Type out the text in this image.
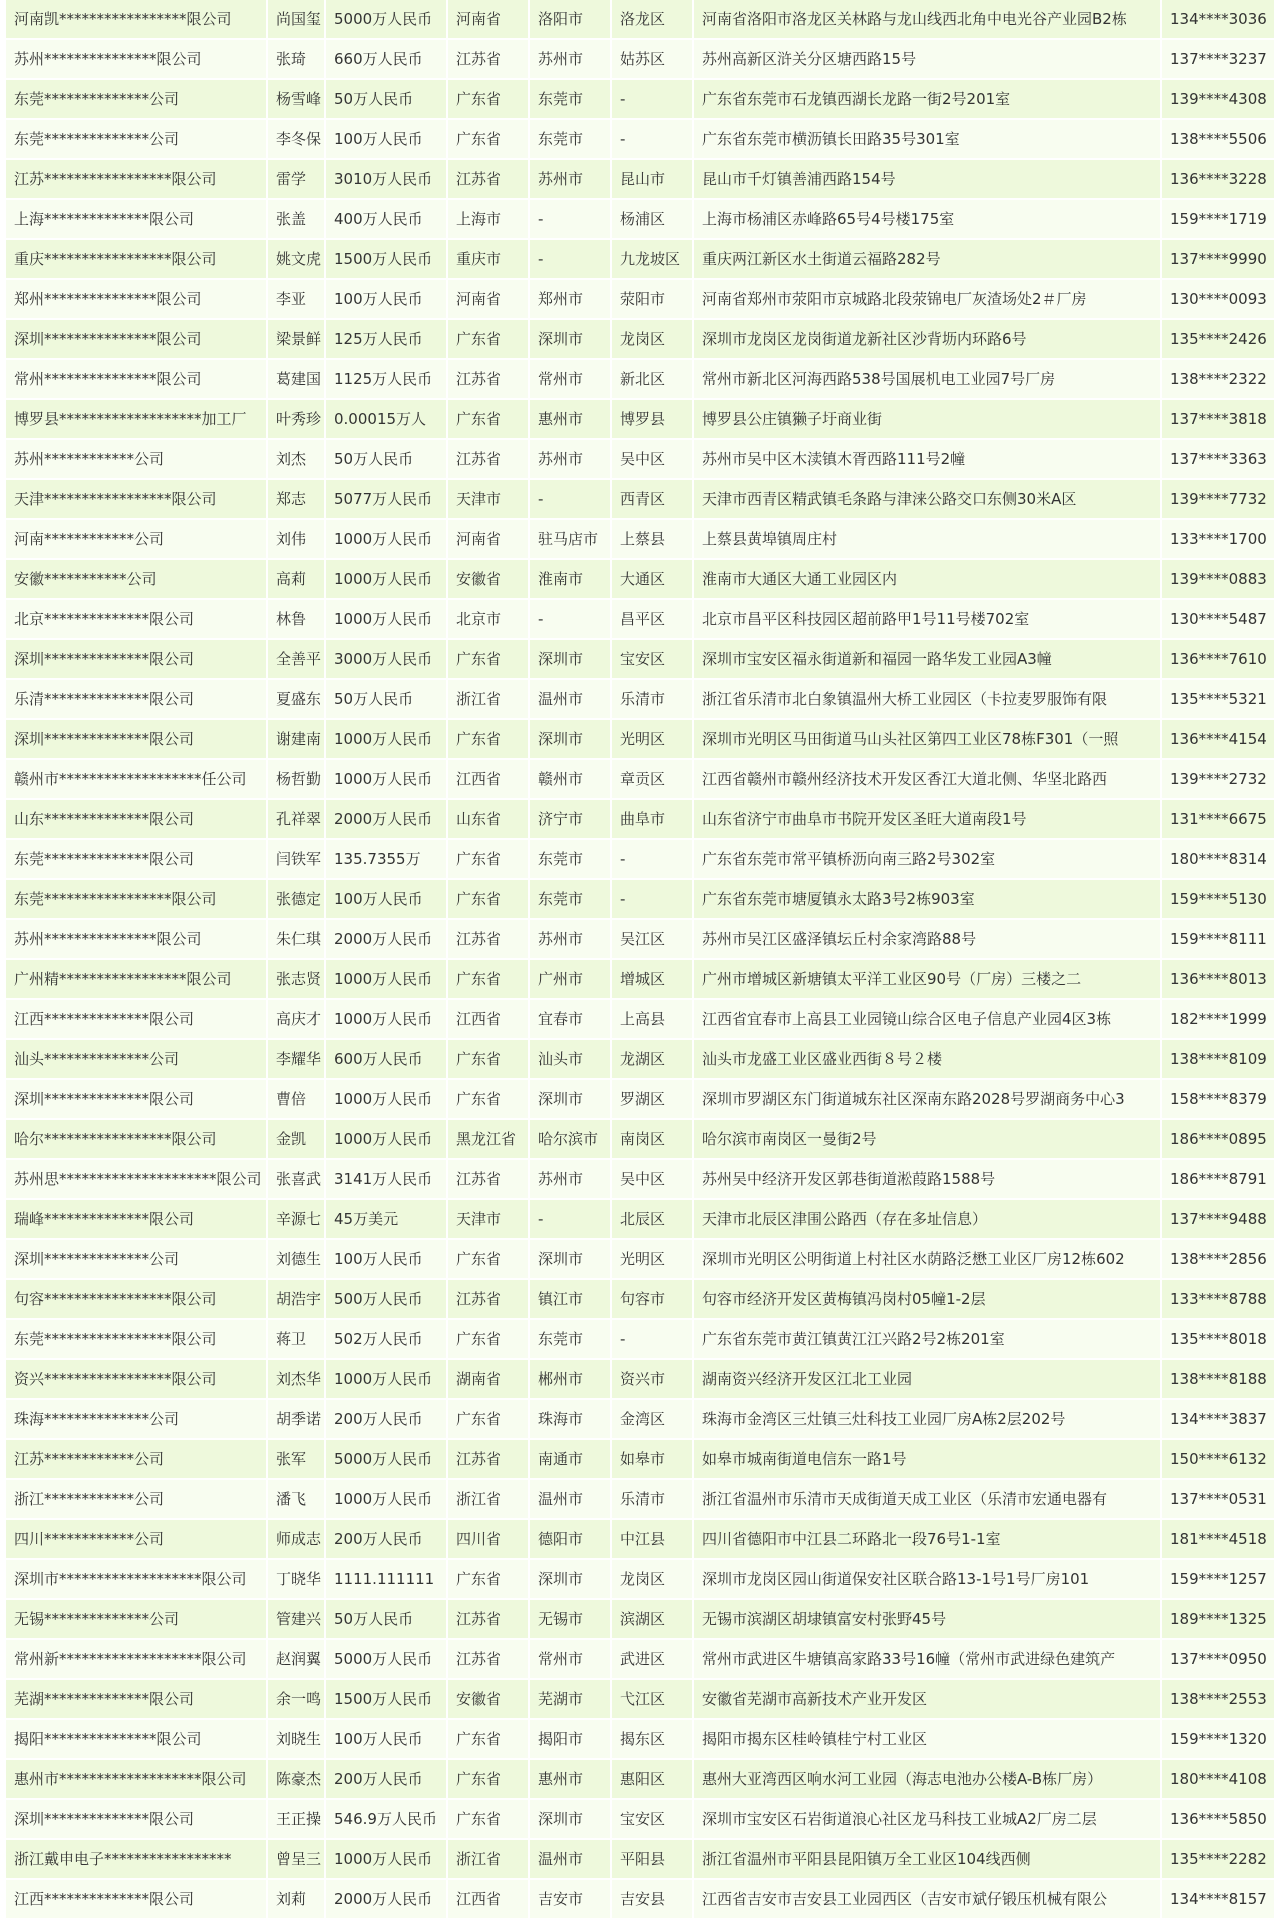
河南凯*****************限公司	尚国玺	5000万人民币	河南省	洛阳市	洛龙区	河南省洛阳市洛龙区关林路与龙山线西北角中电光谷产业园B2栋	134****3036
苏州***************限公司	张琦	660万人民币	江苏省	苏州市	姑苏区	苏州高新区浒关分区塘西路15号	137****3237
东莞**************公司	杨雪峰	50万人民币	广东省	东莞市	-	广东省东莞市石龙镇西湖长龙路一街2号201室	139****4308
东莞**************公司	李冬保	100万人民币	广东省	东莞市	-	广东省东莞市横沥镇长田路35号301室	138****5506
江苏*****************限公司	雷学	3010万人民币	江苏省	苏州市	昆山市	昆山市千灯镇善浦西路154号	136****3228
上海**************限公司	张盖	400万人民币	上海市	-	杨浦区	上海市杨浦区赤峰路65号4号楼175室	159****1719
重庆*****************限公司	姚文虎	1500万人民币	重庆市	-	九龙坡区	重庆两江新区水土街道云福路282号	137****9990
郑州***************限公司	李亚	100万人民币	河南省	郑州市	荥阳市	河南省郑州市荥阳市京城路北段荥锦电厂灰渣场处2＃厂房	130****0093
深圳***************限公司	梁景鲜	125万人民币	广东省	深圳市	龙岗区	深圳市龙岗区龙岗街道龙新社区沙背坜内环路6号	135****2426
常州***************限公司	葛建国	1125万人民币	江苏省	常州市	新北区	常州市新北区河海西路538号国展机电工业园7号厂房	138****2322
博罗县*******************加工厂	叶秀珍	0.00015万人	广东省	惠州市	博罗县	博罗县公庄镇獭子圩商业街	137****3818
苏州************公司	刘杰	50万人民币	江苏省	苏州市	吴中区	苏州市吴中区木渎镇木胥西路111号2幢	137****3363
天津*****************限公司	郑志	5077万人民币	天津市	-	西青区	天津市西青区精武镇毛条路与津涞公路交口东侧30米A区	139****7732
河南************公司	刘伟	1000万人民币	河南省	驻马店市	上蔡县	上蔡县黄埠镇周庄村	133****1700
安徽***********公司	高莉	1000万人民币	安徽省	淮南市	大通区	淮南市大通区大通工业园区内	139****0883
北京**************限公司	林鲁	1000万人民币	北京市	-	昌平区	北京市昌平区科技园区超前路甲1号11号楼702室	130****5487
深圳**************限公司	全善平	3000万人民币	广东省	深圳市	宝安区	深圳市宝安区福永街道新和福园一路华发工业园A3幢	136****7610
乐清**************限公司	夏盛东	50万人民币	浙江省	温州市	乐清市	浙江省乐清市北白象镇温州大桥工业园区（卡拉麦罗服饰有限	135****5321
深圳**************限公司	谢建南	1000万人民币	广东省	深圳市	光明区	深圳市光明区马田街道马山头社区第四工业区78栋F301（一照	136****4154
赣州市*******************任公司	杨哲勤	1000万人民币	江西省	赣州市	章贡区	江西省赣州市赣州经济技术开发区香江大道北侧、华坚北路西	139****2732
山东**************限公司	孔祥翠	2000万人民币	山东省	济宁市	曲阜市	山东省济宁市曲阜市书院开发区圣旺大道南段1号	131****6675
东莞**************限公司	闫铁军	135.7355万	广东省	东莞市	-	广东省东莞市常平镇桥沥向南三路2号302室	180****8314
东莞*****************限公司	张德定	100万人民币	广东省	东莞市	-	广东省东莞市塘厦镇永太路3号2栋903室	159****5130
苏州***************限公司	朱仁琪	2000万人民币	江苏省	苏州市	吴江区	苏州市吴江区盛泽镇坛丘村余家湾路88号	159****8111
广州精*****************限公司	张志贤	1000万人民币	广东省	广州市	增城区	广州市增城区新塘镇太平洋工业区90号（厂房）三楼之二	136****8013
江西**************限公司	高庆才	1000万人民币	江西省	宜春市	上高县	江西省宜春市上高县工业园镜山综合区电子信息产业园4区3栋	182****1999
汕头**************公司	李耀华	600万人民币	广东省	汕头市	龙湖区	汕头市龙盛工业区盛业西街８号２楼	138****8109
深圳**************限公司	曹倍	1000万人民币	广东省	深圳市	罗湖区	深圳市罗湖区东门街道城东社区深南东路2028号罗湖商务中心3	158****8379
哈尔*****************限公司	金凯	1000万人民币	黑龙江省	哈尔滨市	南岗区	哈尔滨市南岗区一曼街2号	186****0895
苏州思*********************限公司	张喜武	3141万人民币	江苏省	苏州市	吴中区	苏州吴中经济开发区郭巷街道淞葭路1588号	186****8791
瑞峰**************限公司	辛源七	45万美元	天津市	-	北辰区	天津市北辰区津围公路西（存在多址信息）	137****9488
深圳**************公司	刘德生	100万人民币	广东省	深圳市	光明区	深圳市光明区公明街道上村社区水荫路泛懋工业区厂房12栋602	138****2856
句容*****************限公司	胡浩宇	500万人民币	江苏省	镇江市	句容市	句容市经济开发区黄梅镇冯岗村05幢1-2层	133****8788
东莞*****************限公司	蒋卫	502万人民币	广东省	东莞市	-	广东省东莞市黄江镇黄江江兴路2号2栋201室	135****8018
资兴*****************限公司	刘杰华	1000万人民币	湖南省	郴州市	资兴市	湖南资兴经济开发区江北工业园	138****8188
珠海**************公司	胡季诺	200万人民币	广东省	珠海市	金湾区	珠海市金湾区三灶镇三灶科技工业园厂房A栋2层202号	134****3837
江苏************公司	张军	5000万人民币	江苏省	南通市	如皋市	如皋市城南街道电信东一路1号	150****6132
浙江************公司	潘飞	1000万人民币	浙江省	温州市	乐清市	浙江省温州市乐清市天成街道天成工业区（乐清市宏通电器有	137****0531
四川************公司	师成志	200万人民币	四川省	德阳市	中江县	四川省德阳市中江县二环路北一段76号1-1室	181****4518
深圳市*******************限公司	丁晓华	1111.111111	广东省	深圳市	龙岗区	深圳市龙岗区园山街道保安社区联合路13-1号1号厂房101	159****1257
无锡**************公司	管建兴	50万人民币	江苏省	无锡市	滨湖区	无锡市滨湖区胡埭镇富安村张野45号	189****1325
常州新*******************限公司	赵润翼	5000万人民币	江苏省	常州市	武进区	常州市武进区牛塘镇高家路33号16幢（常州市武进绿色建筑产	137****0950
芜湖**************限公司	余一鸣	1500万人民币	安徽省	芜湖市	弋江区	安徽省芜湖市高新技术产业开发区	138****2553
揭阳***************限公司	刘晓生	100万人民币	广东省	揭阳市	揭东区	揭阳市揭东区桂岭镇桂宁村工业区	159****1320
惠州市*******************限公司	陈豪杰	200万人民币	广东省	惠州市	惠阳区	惠州大亚湾西区响水河工业园（海志电池办公楼A-B栋厂房）	180****4108
深圳**************限公司	王正操	546.9万人民币	广东省	深圳市	宝安区	深圳市宝安区石岩街道浪心社区龙马科技工业城A2厂房二层	136****5850
浙江戴申电子*****************	曾呈三	1000万人民币	浙江省	温州市	平阳县	浙江省温州市平阳县昆阳镇万全工业区104线西侧	135****2282
江西**************限公司	刘莉	2000万人民币	江西省	吉安市	吉安县	江西省吉安市吉安县工业园西区（吉安市斌仔锻压机械有限公	134****8157
